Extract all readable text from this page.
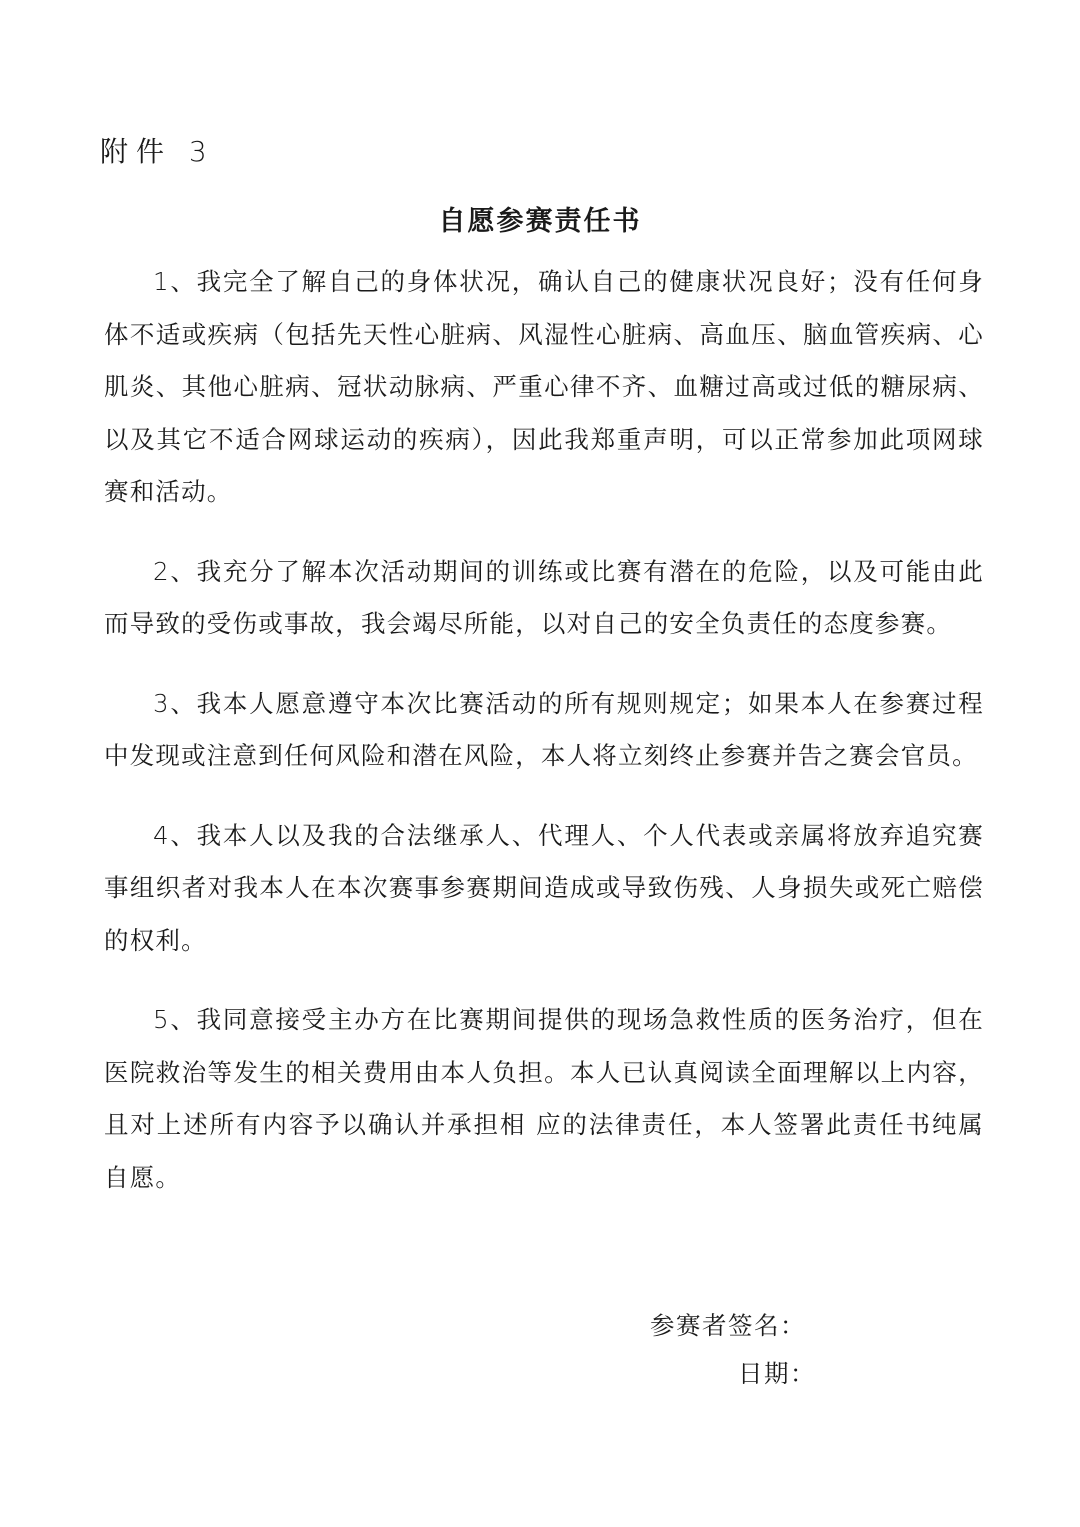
附件 3
自愿参赛责任书

1、我完全了解自己的身体状况，确认自己的健康状况良好；没有任何身体不适或疾病（包括先天性心脏病、风湿性心脏病、高血压、脑血管疾病、心肌炎、其他心脏病、冠状动脉病、严重心律不齐、血糖过高或过低的糖尿病、以及其它不适合网球运动的疾病），因此我郑重声明，可以正常参加此项网球赛和活动。

2、我充分了解本次活动期间的训练或比赛有潜在的危险，以及可能由此而导致的受伤或事故，我会竭尽所能，以对自己的安全负责任的态度参赛。

3、我本人愿意遵守本次比赛活动的所有规则规定；如果本人在参赛过程中发现或注意到任何风险和潜在风险，本人将立刻终止参赛并告之赛会官员。

4、我本人以及我的合法继承人、代理人、个人代表或亲属将放弃追究赛事组织者对我本人在本次赛事参赛期间造成或导致伤残、人身损失或死亡赔偿的权利。

5、我同意接受主办方在比赛期间提供的现场急救性质的医务治疗，但在医院救治等发生的相关费用由本人负担。本人已认真阅读全面理解以上内容，且对上述所有内容予以确认并承担相 应的法律责任，本人签署此责任书纯属自愿。

参赛者签名：
日期：
